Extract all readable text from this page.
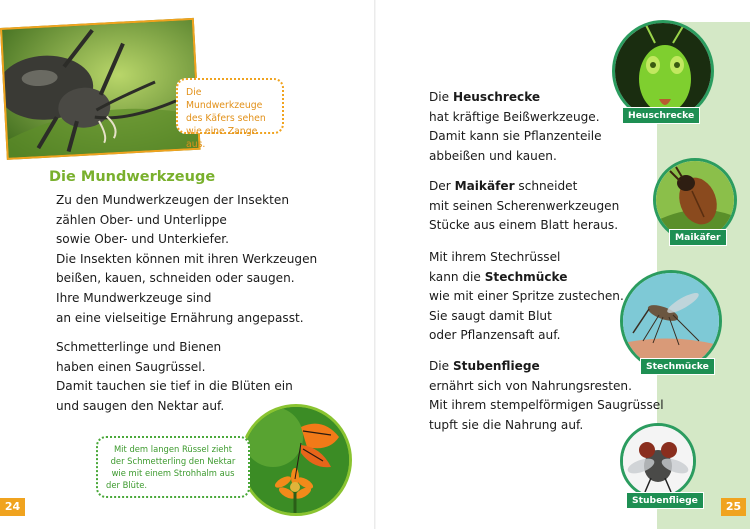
Die Mundwerkzeuge
des Käfers sehen
wie eine Zange aus.
Die Mundwerkzeuge
Zu den Mundwerkzeugen der Insekten
zählen Ober- und Unterlippe
sowie Ober- und Unterkiefer.
Die Insekten können mit ihren Werkzeugen
beißen, kauen, schneiden oder saugen.
Ihre Mundwerkzeuge sind
an eine vielseitige Ernährung angepasst.
Schmetterlinge und Bienen
haben einen Saugrüssel.
Damit tauchen sie tief in die Blüten ein
und saugen den Nektar auf.
Mit dem langen Rüssel zieht
der Schmetterling den Nektar
wie mit einem Strohhalm aus
der Blüte.
24
Die Heuschrecke
hat kräftige Beißwerkzeuge.
Damit kann sie Pflanzenteile
abbeißen und kauen.
Der Maikäfer schneidet
mit seinen Scherenwerkzeugen
Stücke aus einem Blatt heraus.
Mit ihrem Stechrüssel
kann die Stechmücke
wie mit einer Spritze zustechen.
Sie saugt damit Blut
oder Pflanzensaft auf.
Die Stubenfliege
ernährt sich von Nahrungsresten.
Mit ihrem stempelförmigen Saugrüssel
tupft sie die Nahrung auf.
Heuschrecke
Maikäfer
Stechmücke
Stubenfliege	25
